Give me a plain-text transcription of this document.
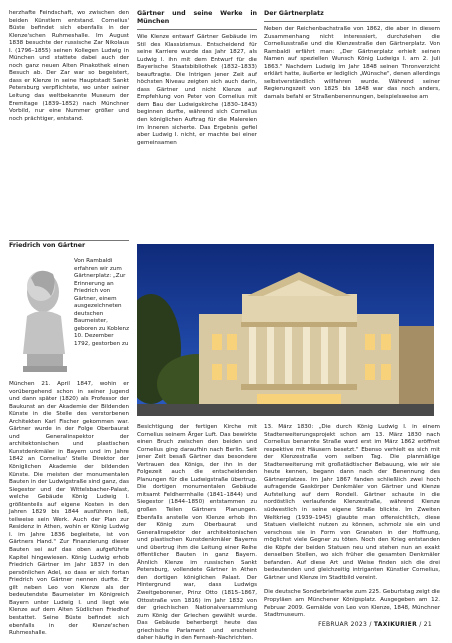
herzhafte Feindschaft, wo zwischen den beiden Künstlern entstand. Cornelius' Büste befindet sich ebenfalls in der Klenze'schen Ruhmeshalle. Im August 1838 besuchte der russische Zar Nikolaus I. (1796–1855) seinen Kollegen Ludwig in München und stattete dabei auch der noch ganz neuen Alten Pinakothek einen Besuch ab. Der Zar war so begeistert, dass er Klenze in seine Hauptstadt Sankt Petersburg verpflichtete, wo unter seiner Leitung das weltbekannte Museum der Eremitage (1839–1852) nach Münchner Vorbild, nur eine Nummer größer und noch prächtiger, entstand.

Friedrich von Gärtner

Von Rambaldi erfahren wir zum Gärtnerplatz: „Zur Erinnerung an Friedrich von Gärtner, einem ausgezeichneten deutschen Baumeister, geboren zu Koblenz 10. Dezember 1792, gestorben zu

München 21. April 1847, wohin er vorübergehend schon in seiner Jugend und dann später (1820) als Professor der Baukunst an der Akademie der Bildenden Künste in die Stelle des verstorbenen Architekten Karl Fischer gekommen war. Gärtner wurde in der Folge Oberbaurat und Generalinspektor der architektonischen und plastischen Kunstdenkmäler in Bayern und im Jahre 1842 an Cornelius' Stelle Direktor der Königlichen Akademie der bildenden Künste. Die meisten der monumentalen Bauten in der Ludwigstraße sind ganz, das Siegestor und der Wittelsbacher-Palast, welche Gebäude König Ludwig I. größtenteils auf eigene Kosten in den Jahren 1829 bis 1844 ausführen ließ, teilweise sein Werk. Auch der Plan zur Residenz in Athen, wohin er König Ludwig I. im Jahre 1836 begleitete, ist von Gärtners Hand." Zur Finanzierung dieser Bauten sei auf das oben aufgeführte Kapitel hingewiesen. König Ludwig erhob Friedrich Gärtner im Jahr 1837 in den persönlichen Adel, so dass er sich fortan Friedrich von Gärtner nennen durfte. Er gilt neben Leo von Klenze als der bedeutendste Baumeister im Königreich Bayern unter Ludwig I. und liegt wie Klenze auf dem Alten Südlichen Friedhof bestattet. Seine Büste befindet sich ebenfalls in der Klenze'schen Ruhmeshalle.

Gärtner und seine Werke in München

Wie Klenze entwarf Gärtner Gebäude im Stil des Klassizismus. Entscheidend für seine Karriere wurde das Jahr 1827, als Ludwig I. ihn mit dem Entwurf für die Bayerische Staatsbibliothek (1832–1833) beauftragte. Die Intrigen jener Zeit auf höchsten Niveau zeigten sich auch darin, dass Gärtner und nicht Klenze auf Empfehlung von Peter von Cornelius mit dem Bau der Ludwigskirche (1830–1843) beginnen durfte, während sich Cornelius den königlichen Auftrag für die Malereien im Inneren sicherte. Das Ergebnis gefiel aber Ludwig I. nicht, er machte bei einer gemeinsamen

Besichtigung der fertigen Kirche mit Cornelius seinem Ärger Luft. Das bewirkte einen Bruch zwischen den beiden und Cornelius ging daraufhin nach Berlin. Seit jener Zeit besaß Gärtner das besondere Vertrauen des Königs, der ihn in der Folgezeit auch die entscheidenden Planungen für die Ludwigstraße übertrug. Die dortigen monumentalen Gebäude mitsamt Feldherrnhalle (1841–1844) und Siegestor (1844–1850) entstammen zu großen Teilen Gärtners Planungen. Ebenfalls anstelle von Klenze erhob ihn der König zum Oberbaurat und Generalinspektor der architektonischen und plastischen Kunstdenkmäler Bayerns und übertrug ihm die Leitung einer Reihe öffentlicher Bauten in ganz Bayern. Ähnlich Klenze im russischen Sankt Petersburg, vollendete Gärtner in Athen den dortigen königlichen Palast. Der Hintergrund war, dass Ludwigs Zweitgeborener, Prinz Otto (1815–1867, Ottostraße von 1816) im Jahr 1832 von der griechischen Nationalversammlung zum König der Griechen gewählt wurde. Das Gebäude beherbergt heute das griechische Parlament und erscheint daher häufig in den Fernseh-Nachrichten.

Der Gärtnerplatz

Neben der Reichenbachstraße von 1862, die aber in diesem Zusammenhang nicht interessiert, durchziehen die Corneliusstraße und die Klenzestraße den Gärtnerplatz. Von Rambaldi erfährt man: „Der Gärtnerplatz erhielt seinen Namen auf speziellen Wunsch König Ludwigs I. am 2. Juli 1863." Nachdem Ludwig im Jahr 1848 seinen Thronverzicht erklärt hatte, äußerte er lediglich „Wünsche", denen allerdings selbstverständlich willfahren wurde. Während seiner Regierungszeit von 1825 bis 1848 war das noch anders, damals befahl er Straßenbenennungen, beispielsweise am

13. März 1830: „Die durch König Ludwig I. in einem Stadterweiterungsprojekt schon am 13. März 1830 nach Cornelius benannte Straße ward erst im März 1862 eröffnet respektive mit Häusern besetzt." Ebenso verhielt es sich mit der Klenzestraße vom selben Tag. Die planmäßige Stadterweiterung mit großstädtischer Bebauung, wie wir sie heute kennen, begann dann nach der Benennung des Gärtnerplatzes. Im Jahr 1867 fanden schließlich zwei hoch aufragende Gaskörper Denkmäler von Gärtner und Klenze Aufstellung auf dem Rondell. Gärtner schaute in die nordöstlich verlaufende Klenzestraße, während Klenze südwestlich in seine eigene Straße blickte. Im Zweiten Weltkrieg (1939–1945) glaubte man offensichtlich, diese Statuen vielleicht nutzen zu können, schmolz sie ein und verschoss sie in Form von Granaten in der Hoffnung, möglichst viele Gegner zu töten. Noch den Krieg entstanden die Köpfe der beiden Statuen neu und stehen nun an exakt denselben Stellen, wo sich früher die gesamten Denkmäler befanden. Auf diese Art und Weise finden sich die drei bedeutenden und gleichzeitig intriganten Künstler Cornelius, Gärtner und Klenze im Stadtbild vereint.

Die deutsche Sonderbriefmarke zum 225. Geburtstag zeigt die Propyläen am Münchener Königsplatz. Ausgegeben am 12. Februar 2009. Gemälde von Leo von Klenze, 1848, Münchner Stadtmuseum.

FEBRUAR 2023 / TAXIKURIER / 21
